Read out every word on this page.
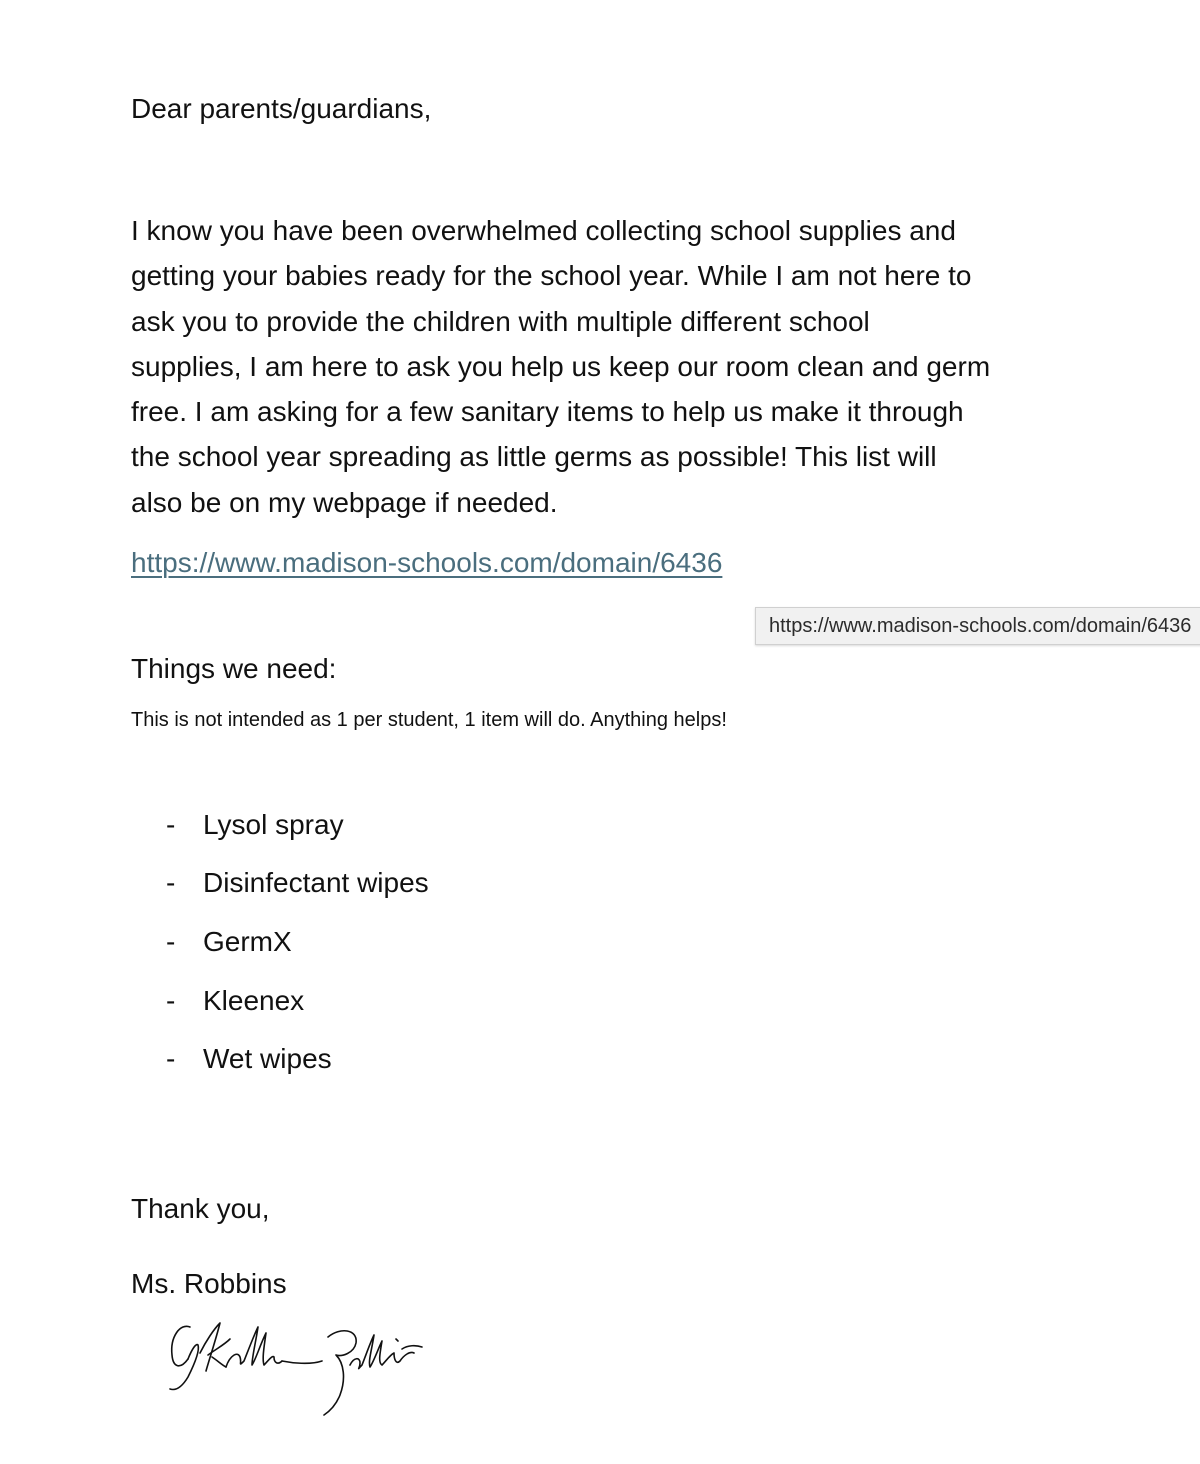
Dear parents/guardians,
I know you have been overwhelmed collecting school supplies and
getting your babies ready for the school year. While I am not here to
ask you to provide the children with multiple different school
supplies, I am here to ask you help us keep our room clean and germ
free. I am asking for a few sanitary items to help us make it through
the school year spreading as little germs as possible! This list will
also be on my webpage if needed.
https://www.madison-schools.com/domain/6436
https://www.madison-schools.com/domain/6436
Things we need:
This is not intended as 1 per student, 1 item will do. Anything helps!
- Lysol spray
- Disinfectant wipes
- GermX
- Kleenex
- Wet wipes
Thank you,
Ms. Robbins
